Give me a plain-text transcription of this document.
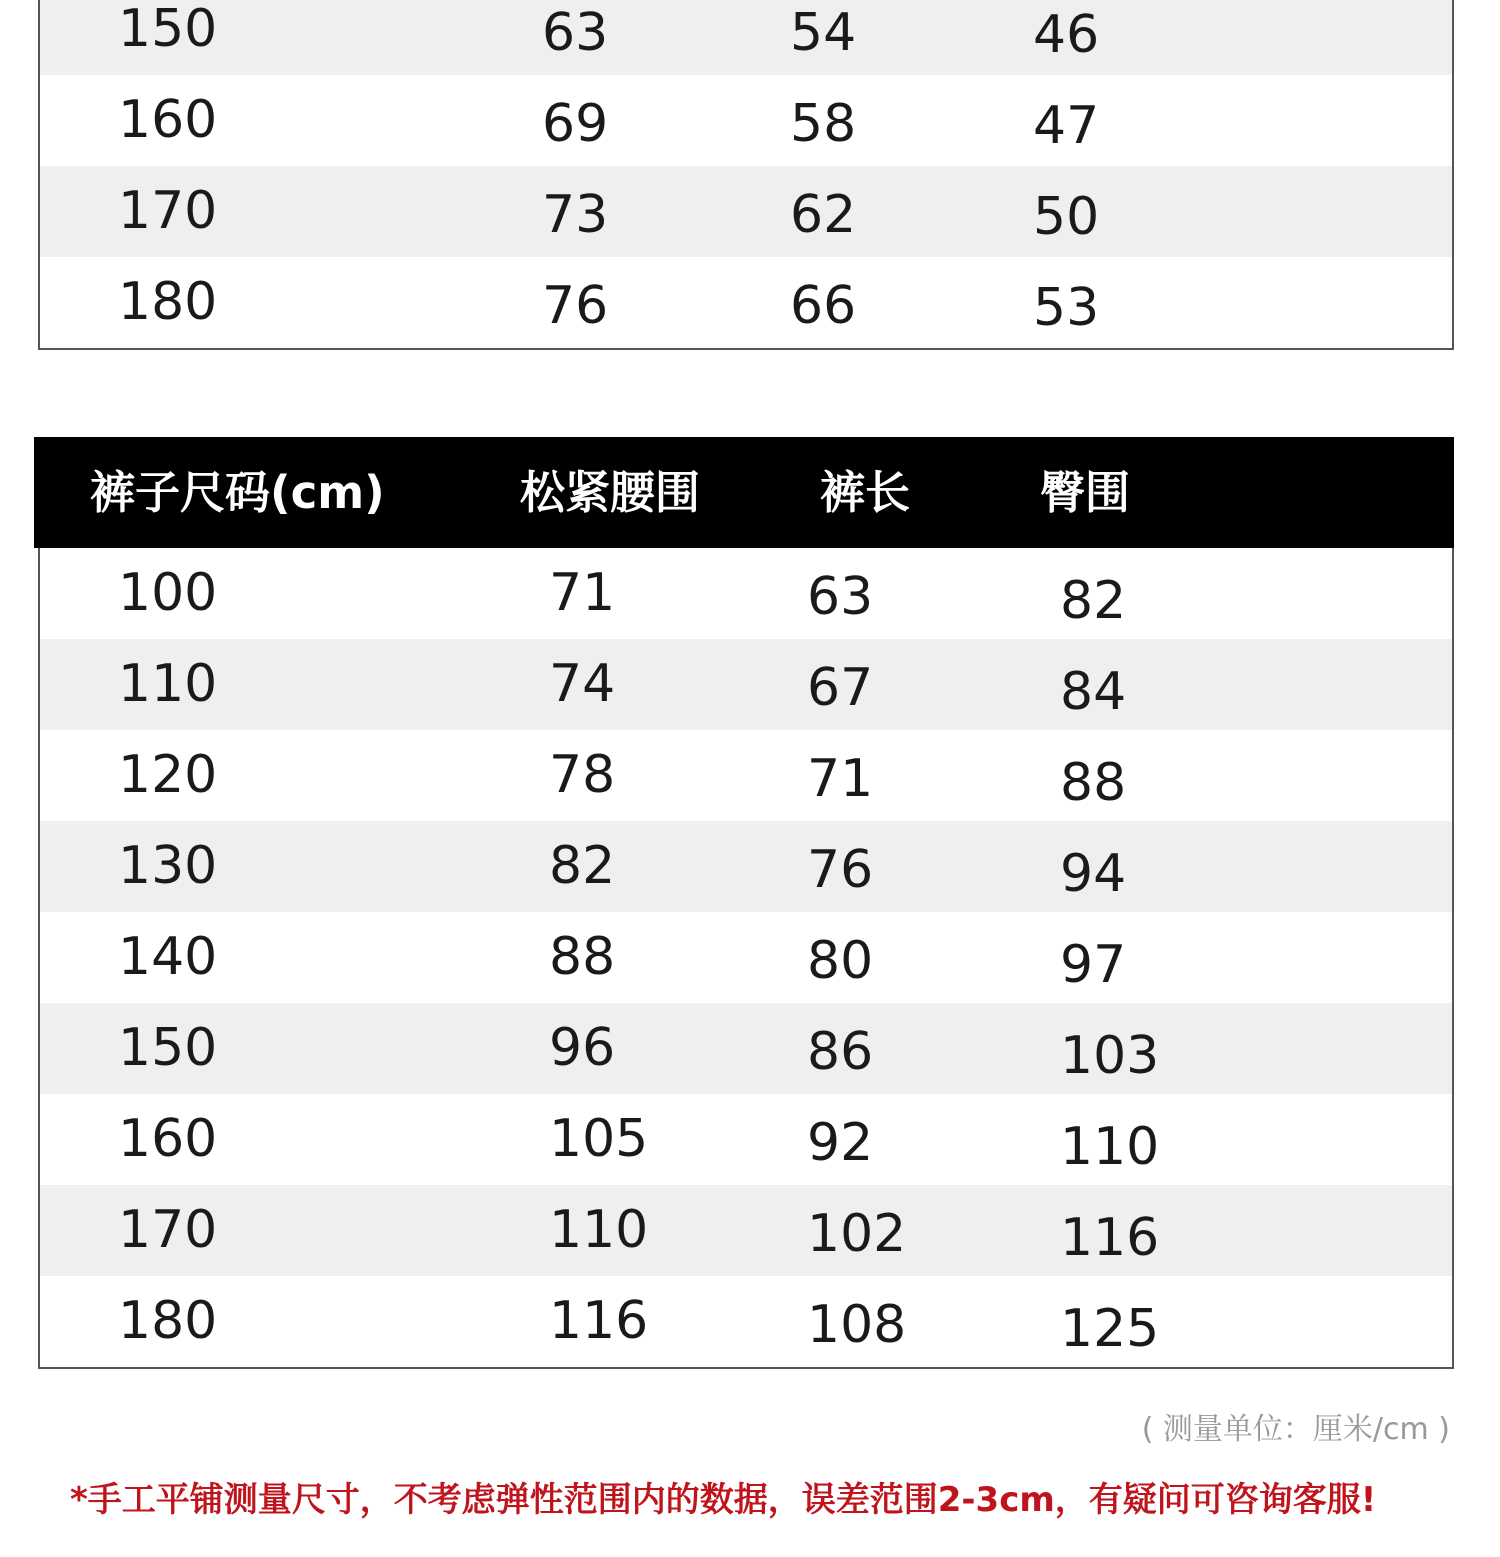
150	63	54	46
160	69	58	47
170	73	62	50
180	76	66	53
裤子尺码(cm)	松紧腰围	裤长	臀围
100	71	63	82
110	74	67	84
120	78	71	88
130	82	76	94
140	88	80	97
150	96	86	103
160	105	92	110
170	110	102	116
180	116	108	125
( 测量单位：厘米/cm )
*手工平铺测量尺寸，不考虑弹性范围内的数据，误差范围2-3cm，有疑问可咨询客服!
